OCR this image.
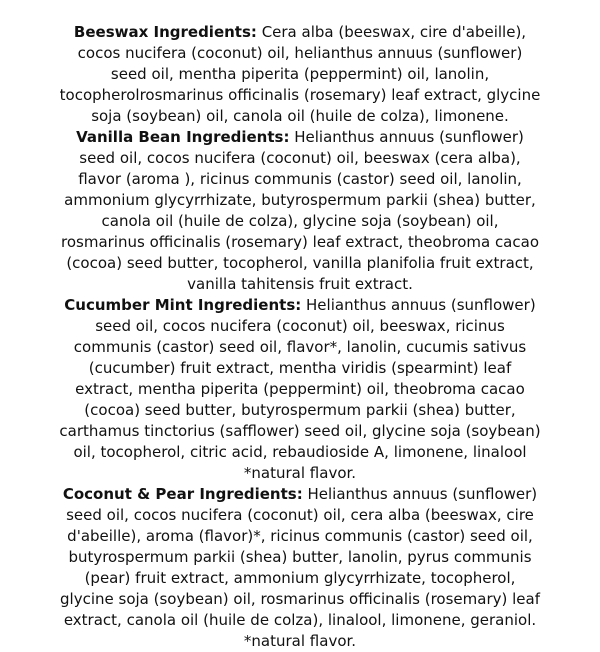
Beeswax Ingredients: Cera alba (beeswax, cire d'abeille), cocos nucifera (coconut) oil, helianthus annuus (sunflower) seed oil, mentha piperita (peppermint) oil, lanolin, tocopherolrosmarinus officinalis (rosemary) leaf extract, glycine soja (soybean) oil, canola oil (huile de colza), limonene.

Vanilla Bean Ingredients: Helianthus annuus (sunflower) seed oil, cocos nucifera (coconut) oil, beeswax (cera alba), flavor (aroma ), ricinus communis (castor) seed oil, lanolin, ammonium glycyrrhizate, butyrospermum parkii (shea) butter, canola oil (huile de colza), glycine soja (soybean) oil, rosmarinus officinalis (rosemary) leaf extract, theobroma cacao (cocoa) seed butter, tocopherol, vanilla planifolia fruit extract, vanilla tahitensis fruit extract.

Cucumber Mint Ingredients: Helianthus annuus (sunflower) seed oil, cocos nucifera (coconut) oil, beeswax, ricinus communis (castor) seed oil, flavor*, lanolin, cucumis sativus (cucumber) fruit extract, mentha viridis (spearmint) leaf extract, mentha piperita (peppermint) oil, theobroma cacao (cocoa) seed butter, butyrospermum parkii (shea) butter, carthamus tinctorius (safflower) seed oil, glycine soja (soybean) oil, tocopherol, citric acid, rebaudioside A, limonene, linalool *natural flavor.

Coconut & Pear Ingredients: Helianthus annuus (sunflower) seed oil, cocos nucifera (coconut) oil, cera alba (beeswax, cire d'abeille), aroma (flavor)*, ricinus communis (castor) seed oil, butyrospermum parkii (shea) butter, lanolin, pyrus communis (pear) fruit extract, ammonium glycyrrhizate, tocopherol, glycine soja (soybean) oil, rosmarinus officinalis (rosemary) leaf extract, canola oil (huile de colza), linalool, limonene, geraniol. *natural flavor.
